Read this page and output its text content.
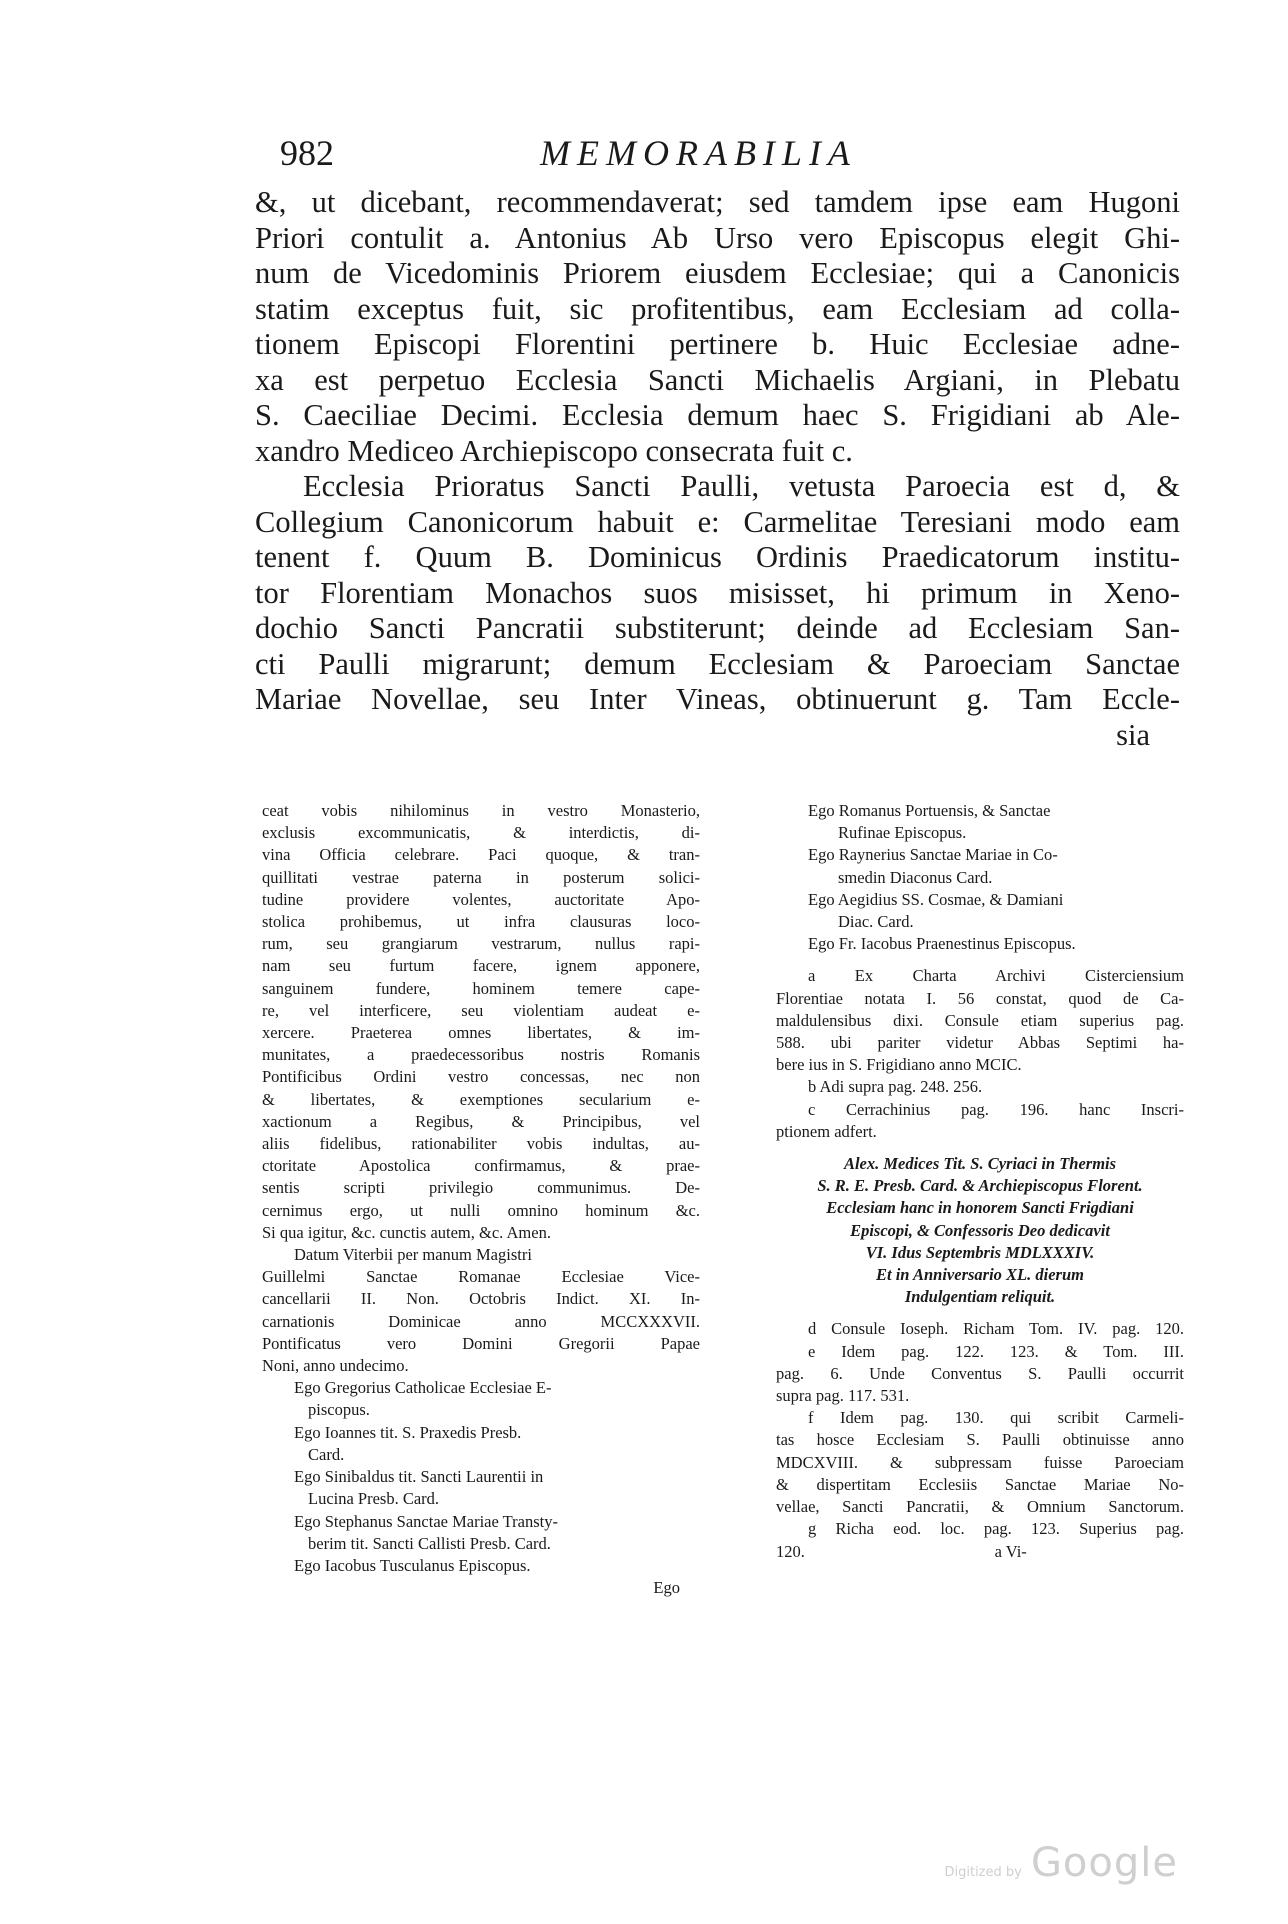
982	MEMORABILIA
&, ut dicebant, recommendaverat; sed tamdem ipse eam Hugoni
Priori contulit a. Antonius Ab Urso vero Episcopus elegit Ghi-
num de Vicedominis Priorem eiusdem Ecclesiae; qui a Canonicis
statim exceptus fuit, sic profitentibus, eam Ecclesiam ad colla-
tionem Episcopi Florentini pertinere b. Huic Ecclesiae adne-
xa est perpetuo Ecclesia Sancti Michaelis Argiani, in Plebatu
S. Caeciliae Decimi. Ecclesia demum haec S. Frigidiani ab Ale-
xandro Mediceo Archiepiscopo consecrata fuit c.
Ecclesia Prioratus Sancti Paulli, vetusta Paroecia est d, &
Collegium Canonicorum habuit e: Carmelitae Teresiani modo eam
tenent f. Quum B. Dominicus Ordinis Praedicatorum institu-
tor Florentiam Monachos suos misisset, hi primum in Xeno-
dochio Sancti Pancratii substiterunt; deinde ad Ecclesiam San-
cti Paulli migrarunt; demum Ecclesiam & Paroeciam Sanctae
Mariae Novellae, seu Inter Vineas, obtinuerunt g. Tam Eccle-
sia
ceat vobis nihilominus in vestro Monasterio,
exclusis excommunicatis, & interdictis, di-
vina Officia celebrare. Paci quoque, & tran-
quillitati vestrae paterna in posterum solici-
tudine providere volentes, auctoritate Apo-
stolica prohibemus, ut infra clausuras loco-
rum, seu grangiarum vestrarum, nullus rapi-
nam seu furtum facere, ignem apponere,
sanguinem fundere, hominem temere cape-
re, vel interficere, seu violentiam audeat e-
xercere. Praeterea omnes libertates, & im-
munitates, a praedecessoribus nostris Romanis
Pontificibus Ordini vestro concessas, nec non
& libertates, & exemptiones secularium e-
xactionum a Regibus, & Principibus, vel
aliis fidelibus, rationabiliter vobis indultas, au-
ctoritate Apostolica confirmamus, & prae-
sentis scripti privilegio communimus. De-
cernimus ergo, ut nulli omnino hominum &c.
Si qua igitur, &c. cunctis autem, &c. Amen.
Datum Viterbii per manum Magistri
Guillelmi Sanctae Romanae Ecclesiae Vice-
cancellarii II. Non. Octobris Indict. XI. In-
carnationis Dominicae anno MCCXXXVII.
Pontificatus vero Domini Gregorii Papae
Noni, anno undecimo.
Ego Gregorius Catholicae Ecclesiae E-
piscopus.
Ego Ioannes tit. S. Praxedis Presb.
Card.
Ego Sinibaldus tit. Sancti Laurentii in
Lucina Presb. Card.
Ego Stephanus Sanctae Mariae Transty-
berim tit. Sancti Callisti Presb. Card.
Ego Iacobus Tusculanus Episcopus.
Ego
Ego Romanus Portuensis, & Sanctae
Rufinae Episcopus.
Ego Raynerius Sanctae Mariae in Co-
smedin Diaconus Card.
Ego Aegidius SS. Cosmae, & Damiani
Diac. Card.
Ego Fr. Iacobus Praenestinus Episcopus.
a Ex Charta Archivi Cisterciensium
Florentiae notata I. 56 constat, quod de Ca-
maldulensibus dixi. Consule etiam superius pag.
588. ubi pariter videtur Abbas Septimi ha-
bere ius in S. Frigidiano anno MCIC.
b Adi supra pag. 248. 256.
c Cerrachinius pag. 196. hanc Inscri-
ptionem adfert.
Alex. Medices Tit. S. Cyriaci in Thermis
S. R. E. Presb. Card. & Archiepiscopus Florent.
Ecclesiam hanc in honorem Sancti Frigdiani
Episcopi, & Confessoris Deo dedicavit
VI. Idus Septembris MDLXXXIV.
Et in Anniversario XL. dierum
Indulgentiam reliquit.
d Consule Ioseph. Richam Tom. IV. pag. 120.
e Idem pag. 122. 123. & Tom. III.
pag. 6. Unde Conventus S. Paulli occurrit
supra pag. 117. 531.
f Idem pag. 130. qui scribit Carmeli-
tas hosce Ecclesiam S. Paulli obtinuisse anno
MDCXVIII. & subpressam fuisse Paroeciam
& dispertitam Ecclesiis Sanctae Mariae No-
vellae, Sancti Pancratii, & Omnium Sanctorum.
g Richa eod. loc. pag. 123. Superius pag.
120.                                              a Vi-
Digitized by Google
